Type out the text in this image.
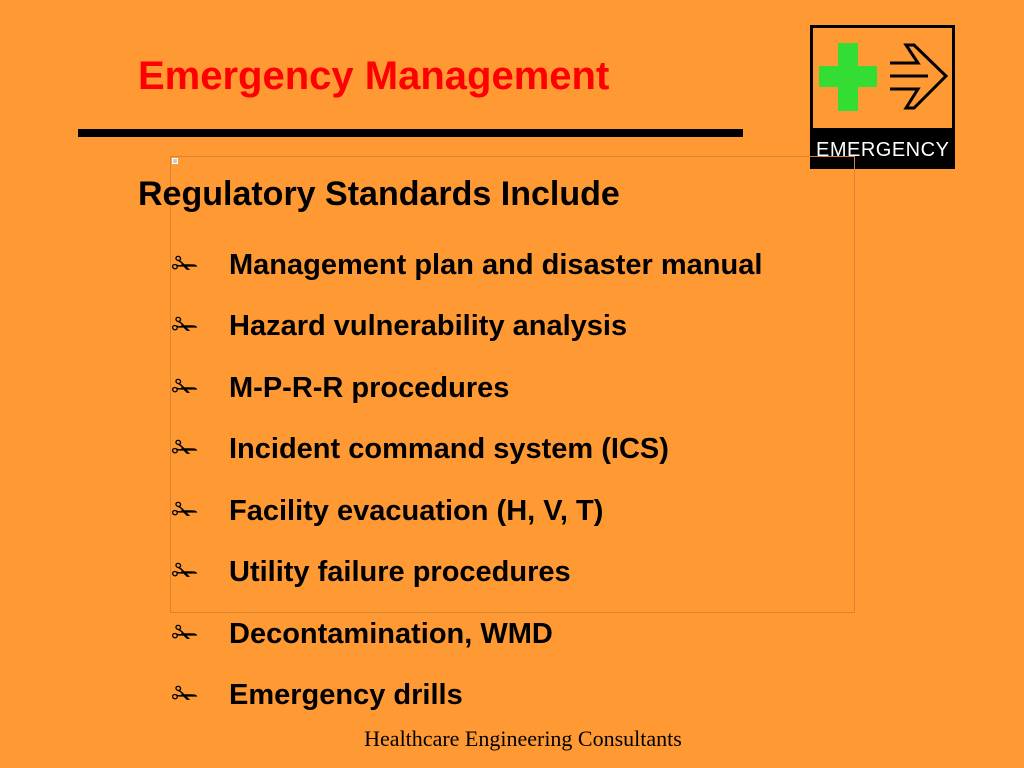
Emergency Management
EMERGENCY
Regulatory Standards Include
✁ Management plan and disaster manual
✁ Hazard vulnerability analysis
✁ M-P-R-R procedures
✁ Incident command system (ICS)
✁ Facility evacuation (H, V, T)
✁ Utility failure procedures
✁ Decontamination, WMD
✁ Emergency drills
Healthcare Engineering Consultants
